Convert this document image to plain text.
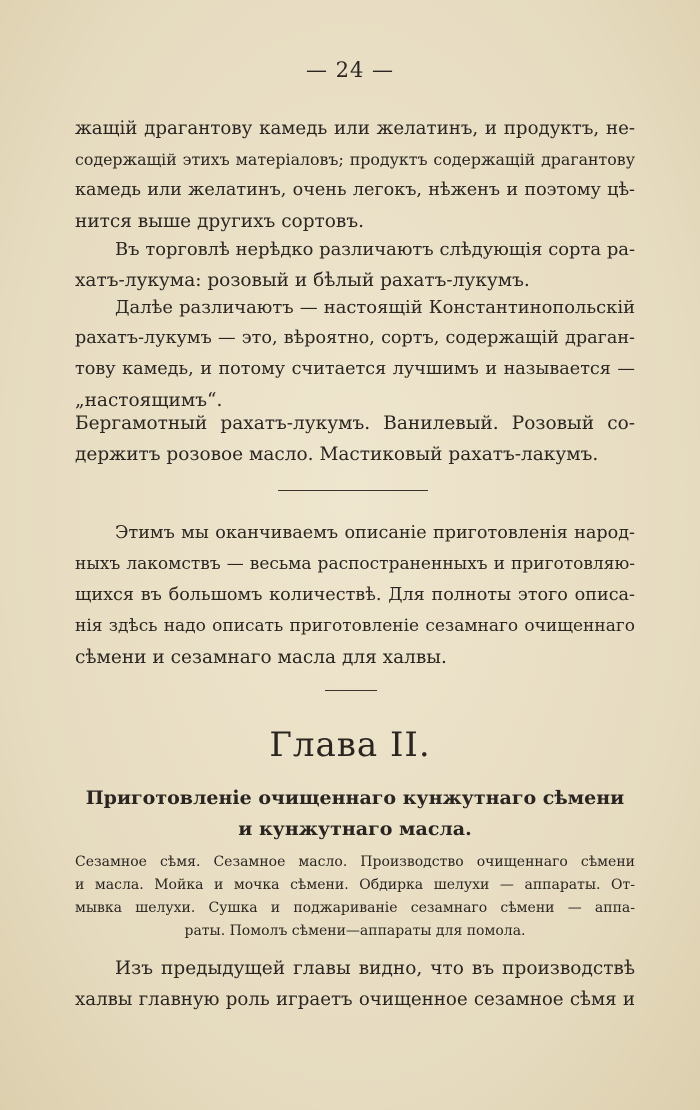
— 24 —
жащій драгантову камедь или желатинъ, и продуктъ, не-
содержащій этихъ матеріаловъ; продуктъ содержащій драгантову
камедь или желатинъ, очень легокъ, нѣженъ и поэтому цѣ-
нится выше другихъ сортовъ.
Въ торговлѣ нерѣдко различаютъ слѣдующія сорта ра-
хатъ-лукума: розовый и бѣлый рахатъ-лукумъ.
Далѣе различаютъ — настоящій Константинопольскій
рахатъ-лукумъ — это, вѣроятно, сортъ, содержащій драган-
тову камедь, и потому считается лучшимъ и называется —
„настоящимъ“.
Бергамотный рахатъ-лукумъ. Ванилевый. Розовый со-
держитъ розовое масло. Мастиковый рахатъ-лакумъ.
Этимъ мы оканчиваемъ описаніе приготовленія народ-
ныхъ лакомствъ — весьма распостраненныхъ и приготовляю-
щихся въ большомъ количествѣ. Для полноты этого описа-
нія здѣсь надо описать приготовленіе сезамнаго очищеннаго
сѣмени и сезамнаго масла для халвы.
Глава II.
Приготовленіе очищеннаго кунжутнаго сѣмени
и кунжутнаго масла.
Сезамное сѣмя. Сезамное масло. Производство очищеннаго сѣмени
и масла. Мойка и мочка сѣмени. Обдирка шелухи — аппараты. От-
мывка шелухи. Сушка и поджариваніе сезамнаго сѣмени — аппа-
раты. Помолъ сѣмени—аппараты для помола.
Изъ предыдущей главы видно, что въ производствѣ
халвы главную роль играетъ очищенное сезамное сѣмя и
